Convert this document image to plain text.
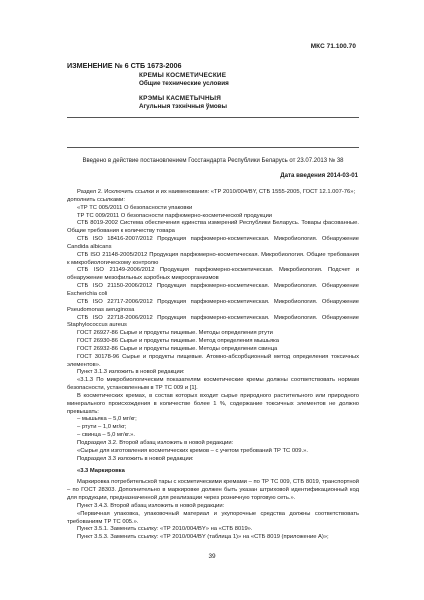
МКС 71.100.70
ИЗМЕНЕНИЕ № 6 СТБ 1673-2006
КРЕМЫ КОСМЕТИЧЕСКИЕ
Общие технические условия
КРЭМЫ КАСМЕТЫЧНЫЯ
Агульныя тэхнічныя ўмовы
Введено в действие постановлением Госстандарта Республики Беларусь от 23.07.2013 № 38
Дата введения 2014-03-01

Раздел 2. Исключить ссылки и их наименования: «ТР 2010/004/BY, СТБ 1555-2005, ГОСТ 12.1.007-76»;

дополнить ссылками:

«ТР ТС 005/2011 О безопасности упаковки

ТР ТС 009/2011 О безопасности парфюмерно-косметической продукции

СТБ 8019-2002 Система обеспечения единства измерений Республики Беларусь. Товары фасованные. Общие требования к количеству товара

СТБ ISO 18416-2007/2012 Продукция парфюмерно-косметическая. Микробиология. Обнаружение Candida albicans

СТБ ISO 21148-2005/2012 Продукция парфюмерно-косметическая. Микробиология. Общие требования к микробиологическому контролю

СТБ ISO 21149-2006/2012 Продукция парфюмерно-косметическая. Микробиология. Подсчет и обнаружение мезофильных аэробных микроорганизмов

СТБ ISO 21150-2006/2012 Продукция парфюмерно-косметическая. Микробиология. Обнаружение Escherichia coli

СТБ ISO 22717-2006/2012 Продукция парфюмерно-косметическая. Микробиология. Обнаружение Pseudomonas aeruginosa

СТБ ISO 22718-2006/2012 Продукция парфюмерно-косметическая. Микробиология. Обнаружение Staphylococcus aureus

ГОСТ 26927-86 Сырье и продукты пищевые. Методы определения ртути

ГОСТ 26930-86 Сырье и продукты пищевые. Метод определения мышьяка

ГОСТ 26932-86 Сырье и продукты пищевые. Методы определения свинца

ГОСТ 30178-96 Сырье и продукты пищевые. Атомно-абсорбционный метод определения токсичных элементов».

Пункт 3.1.3 изложить в новой редакции:

«3.1.3 По микробиологическим показателям косметические кремы должны соответствовать нормам безопасности, установленным в ТР ТС 009 и [1].

В косметических кремах, в состав которых входит сырье природного растительного или природного минерального происхождения в количестве более 1 %, содержание токсичных элементов не должно превышать:

– мышьяка – 5,0 мг/кг;

– ртути – 1,0 мг/кг;

– свинца – 5,0 мг/кг.».

Подраздел 3.2. Второй абзац изложить в новой редакции:

«Сырье для изготовления косметических кремов – с учетом требований ТР ТС 009.».

Подраздел 3.3 изложить в новой редакции:

«3.3 Маркировка

Маркировка потребительской тары с косметическими кремами – по ТР ТС 009, СТБ 8019, транспортной – по ГОСТ 28303. Дополнительно в маркировке должен быть указан штриховой идентификационный код для продукции, предназначенной для реализации через розничную торговую сеть.».

Пункт 3.4.3. Второй абзац изложить в новой редакции:

«Первичная упаковка, упаковочный материал и укупорочные средства должны соответствовать требованиям ТР ТС 005.».

Пункт 3.5.1. Заменить ссылку: «ТР 2010/004/BY» на «СТБ 8019».

Пункт 3.5.3. Заменить ссылку: «ТР 2010/004/BY (таблица 1)» на «СТБ 8019 (приложение А)»;

39
